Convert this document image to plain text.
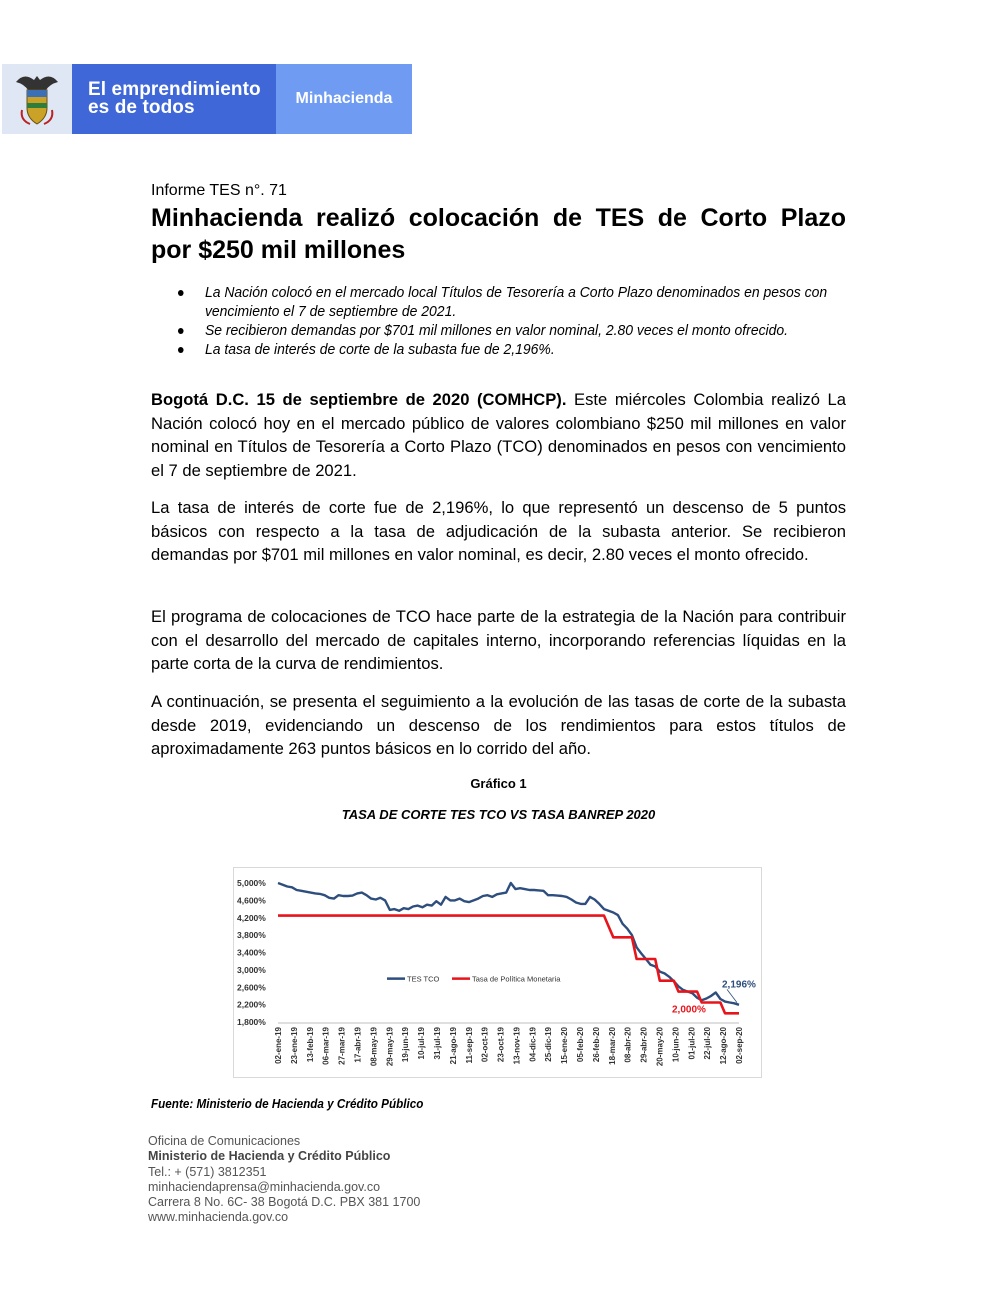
El emprendimiento
es de todos	Minhacienda
Informe TES n°. 71
Minhacienda realizó colocación de TES de Corto Plazo por $250 mil millones
La Nación colocó en el mercado local Títulos de Tesorería a Corto Plazo denominados en pesos con vencimiento el 7 de septiembre de 2021.
Se recibieron demandas por $701 mil millones en valor nominal, 2.80 veces el monto ofrecido.
La tasa de interés de corte de la subasta fue de 2,196%.

Bogotá D.C. 15 de septiembre de 2020 (COMHCP). Este miércoles Colombia realizó La Nación colocó hoy en el mercado público de valores colombiano $250 mil millones en valor nominal en Títulos de Tesorería a Corto Plazo (TCO) denominados en pesos con vencimiento el 7 de septiembre de 2021.

La tasa de interés de corte fue de 2,196%, lo que representó un descenso de 5 puntos básicos con respecto a la tasa de adjudicación de la subasta anterior. Se recibieron demandas por $701 mil millones en valor nominal, es decir, 2.80 veces el monto ofrecido.

El programa de colocaciones de TCO hace parte de la estrategia de la Nación para contribuir con el desarrollo del mercado de capitales interno, incorporando referencias líquidas en la parte corta de la curva de rendimientos.

A continuación, se presenta el seguimiento a la evolución de las tasas de corte de la subasta desde 2019, evidenciando un descenso de los rendimientos para estos títulos de aproximadamente 263 puntos básicos en lo corrido del año.

Gráfico 1
TASA DE CORTE TES TCO VS TASA BANREP 2020
5,000%
4,600%
4,200%
3,800%
3,400%
3,000%
2,600%
2,200%
1,800%
02-ene-19 23-ene-19 13-feb-19 06-mar-19 27-mar-19 17-abr-19 08-may-19 29-may-19 19-jun-19 10-jul-19 31-jul-19 21-ago-19 11-sep-19 02-oct-19 23-oct-19 13-nov-19 04-dic-19 25-dic-19 15-ene-20 05-feb-20 26-feb-20 18-mar-20 08-abr-20 29-abr-20 20-may-20 10-jun-20 01-jul-20 22-jul-20 12-ago-20 02-sep-20
TES TCO	Tasa de Política Monetaria
2,196%
2,000%
Fuente: Ministerio de Hacienda y Crédito Público
Oficina de Comunicaciones
Ministerio de Hacienda y Crédito Público
Tel.: + (571) 3812351
minhaciendaprensa@minhacienda.gov.co
Carrera 8 No. 6C- 38 Bogotá D.C. PBX 381 1700
www.minhacienda.gov.co
